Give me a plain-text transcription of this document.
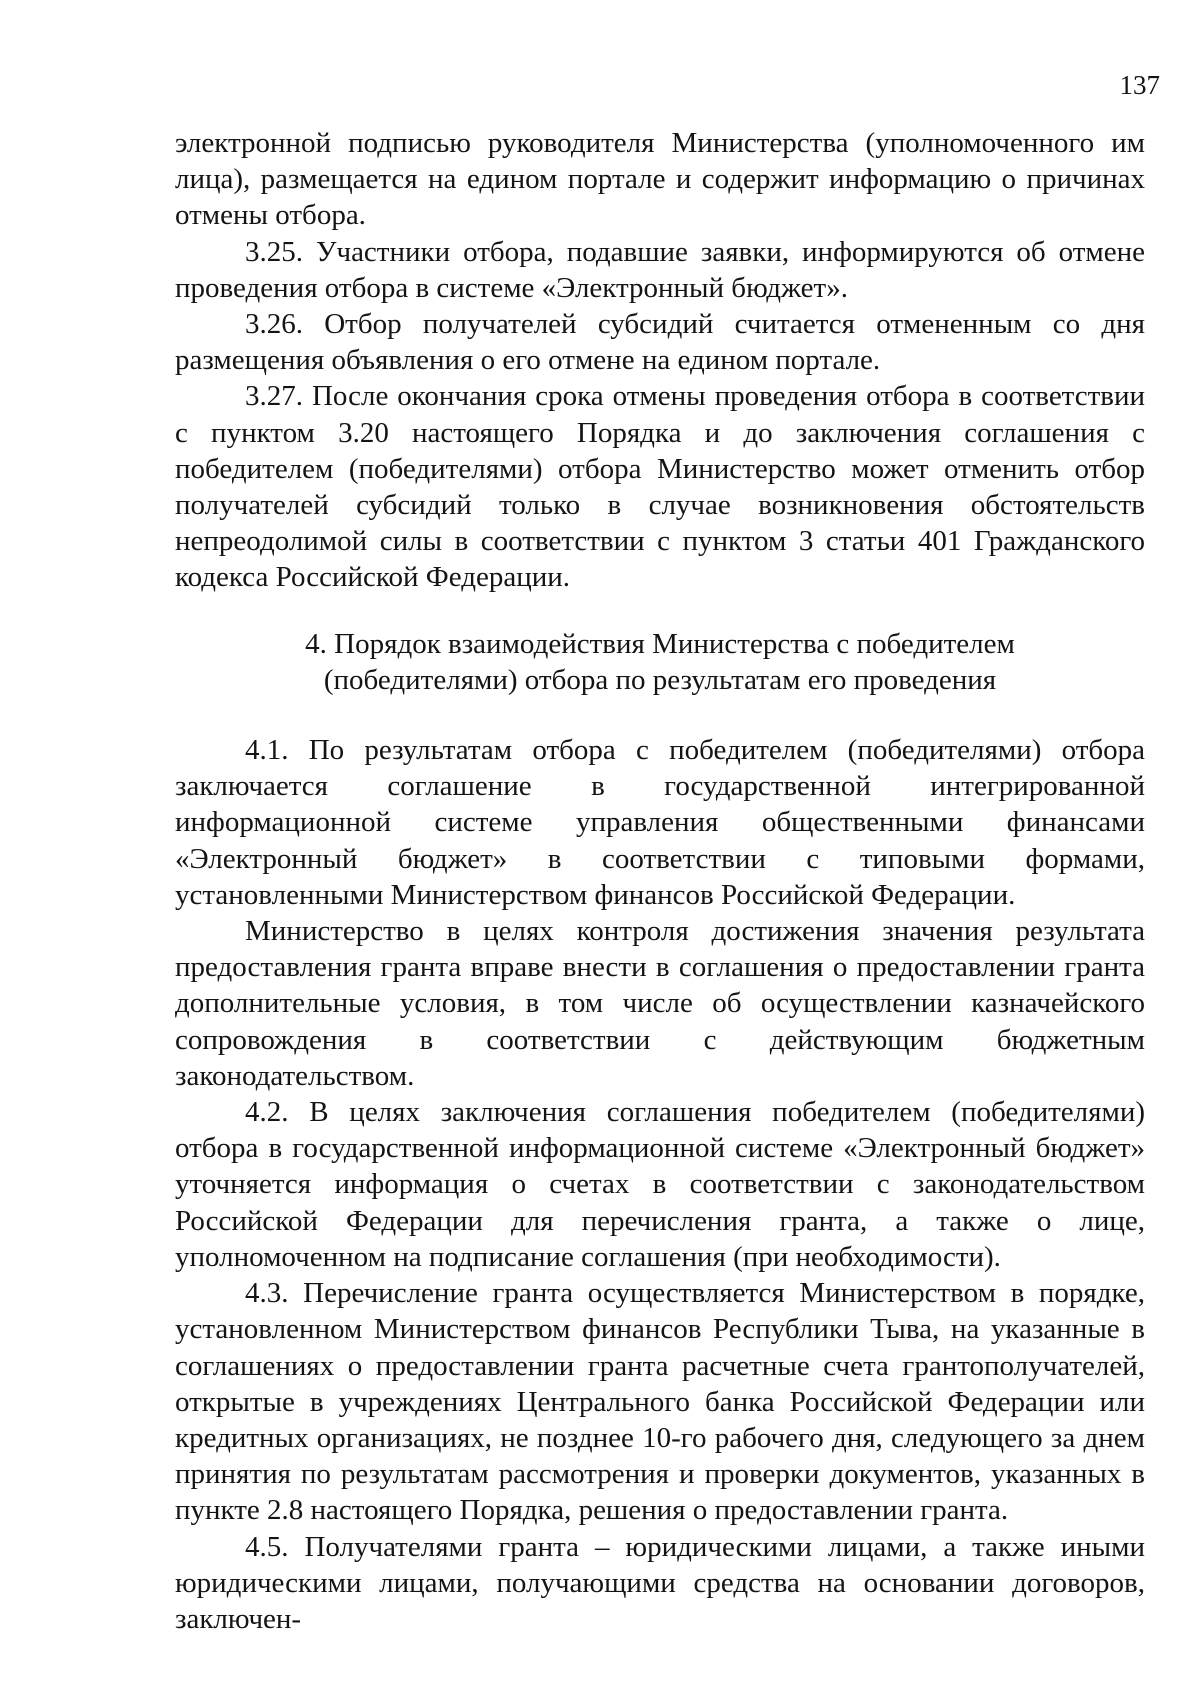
137

электронной подписью руководителя Министерства (уполномоченного им лица), размещается на едином портале и содержит информацию о причинах отмены отбора.

3.25. Участники отбора, подавшие заявки, информируются об отмене проведения отбора в системе «Электронный бюджет».

3.26. Отбор получателей субсидий считается отмененным со дня размещения объявления о его отмене на едином портале.

3.27. После окончания срока отмены проведения отбора в соответствии с пунктом 3.20 настоящего Порядка и до заключения соглашения с победителем (победителями) отбора Министерство может отменить отбор получателей субсидий только в случае возникновения обстоятельств непреодолимой силы в соответствии с пунктом 3 статьи 401 Гражданского кодекса Российской Федерации.

4. Порядок взаимодействия Министерства с победителем
(победителями) отбора по результатам его проведения

4.1. По результатам отбора с победителем (победителями) отбора заключается соглашение в государственной интегрированной информационной системе управления общественными финансами «Электронный бюджет» в соответствии с типовыми формами, установленными Министерством финансов Российской Федерации.

Министерство в целях контроля достижения значения результата предоставления гранта вправе внести в соглашения о предоставлении гранта дополнительные условия, в том числе об осуществлении казначейского сопровождения в соответствии с действующим бюджетным законодательством.

4.2. В целях заключения соглашения победителем (победителями) отбора в государственной информационной системе «Электронный бюджет» уточняется информация о счетах в соответствии с законодательством Российской Федерации для перечисления гранта, а также о лице, уполномоченном на подписание соглашения (при необходимости).

4.3. Перечисление гранта осуществляется Министерством в порядке, установленном Министерством финансов Республики Тыва, на указанные в соглашениях о предоставлении гранта расчетные счета грантополучателей, открытые в учреждениях Центрального банка Российской Федерации или кредитных организациях, не позднее 10-го рабочего дня, следующего за днем принятия по результатам рассмотрения и проверки документов, указанных в пункте 2.8 настоящего Порядка, решения о предоставлении гранта.

4.5. Получателями гранта – юридическими лицами, а также иными юридическими лицами, получающими средства на основании договоров, заключен-
